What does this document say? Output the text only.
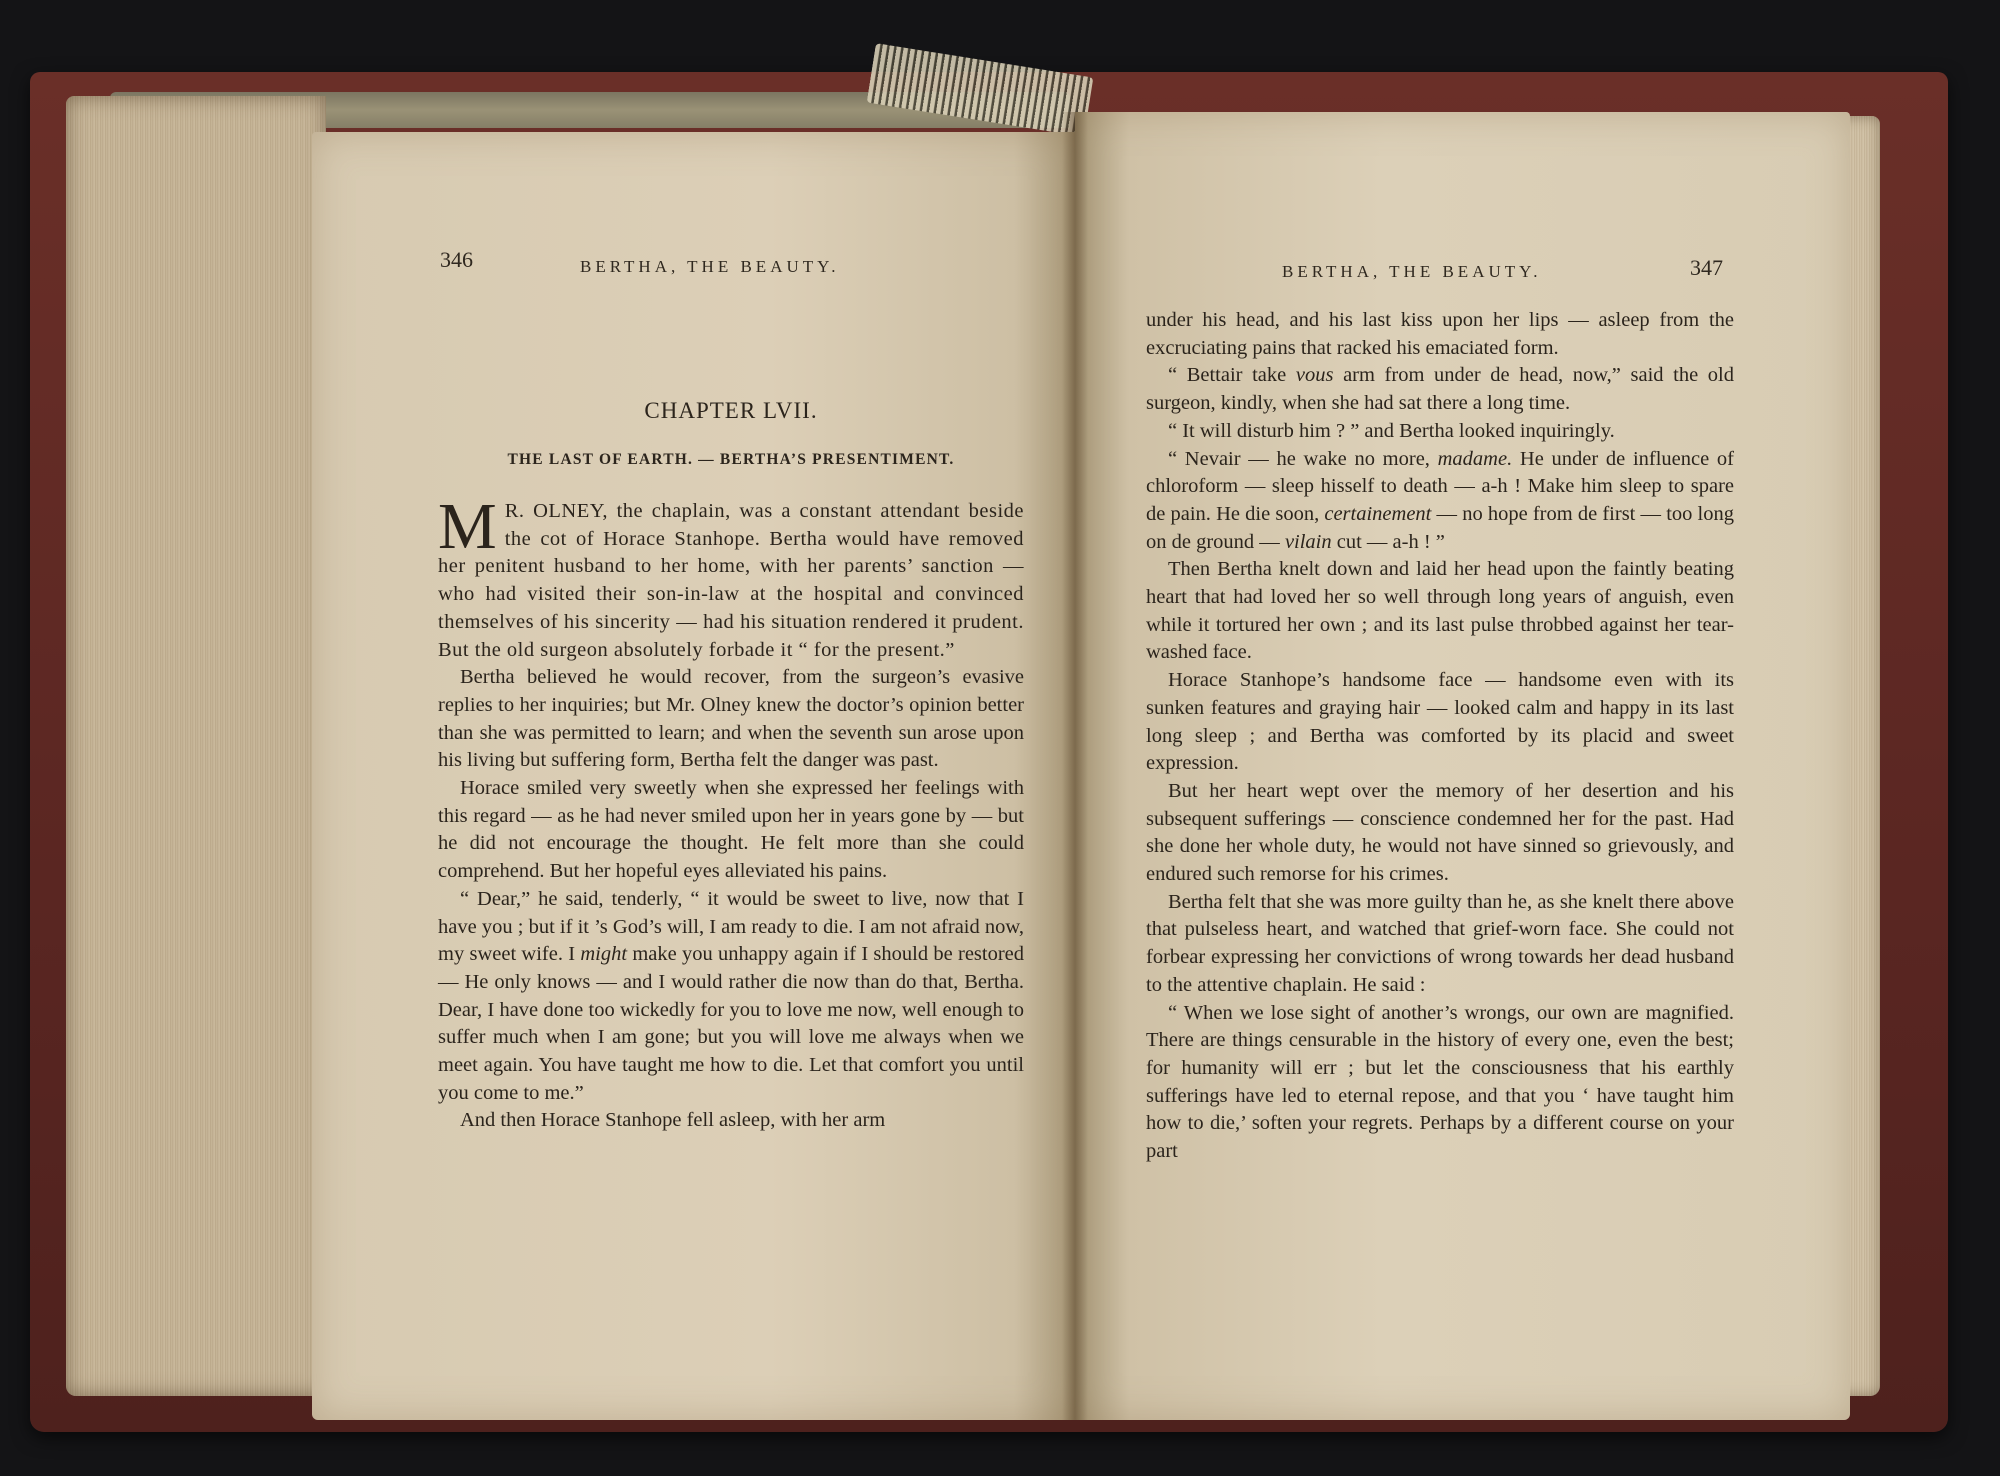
346	BERTHA, THE BEAUTY.
CHAPTER LVII.
THE LAST OF EARTH. — BERTHA’S PRESENTIMENT.

M R. OLNEY, the chaplain, was a constant attendant beside the cot of Horace Stanhope. Bertha would have removed her penitent husband to her home, with her parents’ sanction — who had visited their son-in-law at the hospital and convinced themselves of his sincerity — had his situation rendered it prudent. But the old surgeon absolutely forbade it “ for the present.”

Bertha believed he would recover, from the surgeon’s evasive replies to her inquiries; but Mr. Olney knew the doctor’s opinion better than she was permitted to learn; and when the seventh sun arose upon his living but suffering form, Bertha felt the danger was past.

Horace smiled very sweetly when she expressed her feelings with this regard — as he had never smiled upon her in years gone by — but he did not encourage the thought. He felt more than she could comprehend. But her hopeful eyes alleviated his pains.

“ Dear,” he said, tenderly, “ it would be sweet to live, now that I have you ; but if it ’s God’s will, I am ready to die. I am not afraid now, my sweet wife. I might make you unhappy again if I should be restored — He only knows — and I would rather die now than do that, Bertha. Dear, I have done too wickedly for you to love me now, well enough to suffer much when I am gone; but you will love me always when we meet again. You have taught me how to die. Let that comfort you until you come to me.”

And then Horace Stanhope fell asleep, with her arm

BERTHA, THE BEAUTY.	347

under his head, and his last kiss upon her lips — asleep from the excruciating pains that racked his emaciated form.

“ Bettair take vous arm from under de head, now,” said the old surgeon, kindly, when she had sat there a long time.

“ It will disturb him ? ” and Bertha looked inquiringly.

“ Nevair — he wake no more, madame. He under de influence of chloroform — sleep hisself to death — a-h ! Make him sleep to spare de pain. He die soon, certainement — no hope from de first — too long on de ground — vilain cut — a-h ! ”

Then Bertha knelt down and laid her head upon the faintly beating heart that had loved her so well through long years of anguish, even while it tortured her own ; and its last pulse throbbed against her tear-washed face.

Horace Stanhope’s handsome face — handsome even with its sunken features and graying hair — looked calm and happy in its last long sleep ; and Bertha was comforted by its placid and sweet expression.

But her heart wept over the memory of her desertion and his subsequent sufferings — conscience condemned her for the past. Had she done her whole duty, he would not have sinned so grievously, and endured such remorse for his crimes.

Bertha felt that she was more guilty than he, as she knelt there above that pulseless heart, and watched that grief-worn face. She could not forbear expressing her convictions of wrong towards her dead husband to the attentive chaplain. He said :

“ When we lose sight of another’s wrongs, our own are magnified. There are things censurable in the history of every one, even the best; for humanity will err ; but let the consciousness that his earthly sufferings have led to eternal repose, and that you ‘ have taught him how to die,’ soften your regrets. Perhaps by a different course on your part
